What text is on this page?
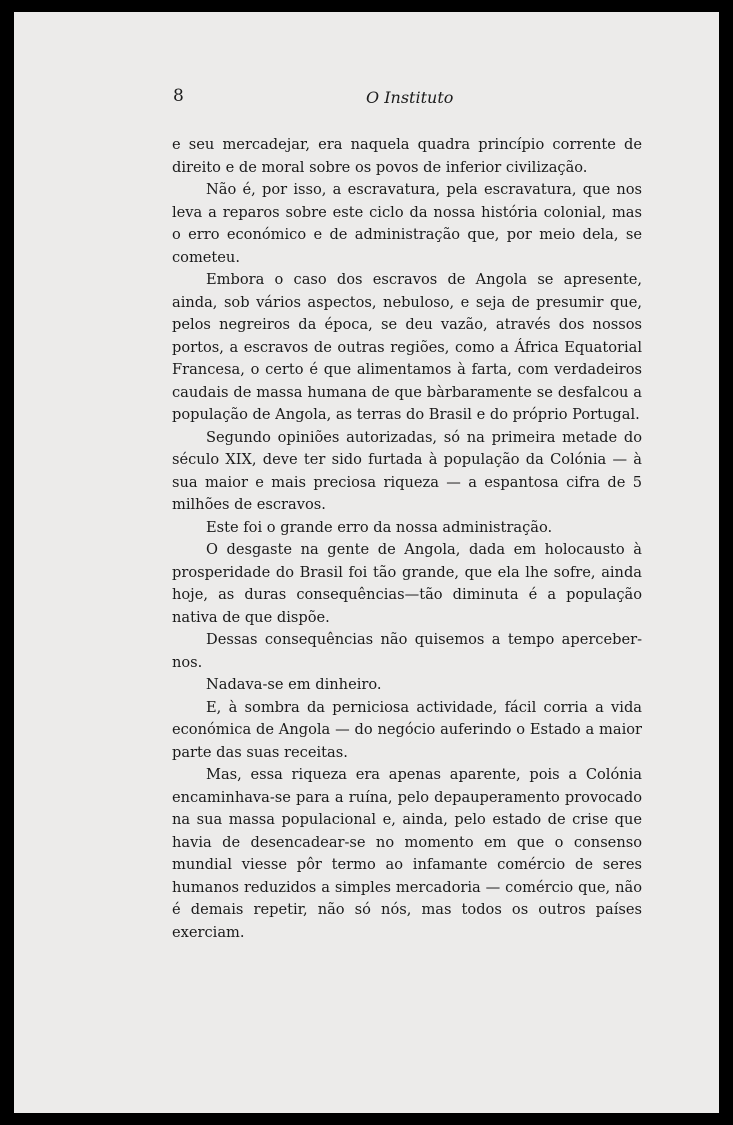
8	O Instituto

e seu mercadejar, era naquela quadra princípio corrente de direito e de moral sobre os povos de inferior civilização.

Não é, por isso, a escravatura, pela escravatura, que nos leva a reparos sobre este ciclo da nossa história colonial, mas o erro económico e de administração que, por meio dela, se cometeu.

Embora o caso dos escravos de Angola se apresente, ainda, sob vários aspectos, nebuloso, e seja de presumir que, pelos negreiros da época, se deu vazão, através dos nossos portos, a escravos de outras regiões, como a África Equatorial Francesa, o certo é que alimentamos à farta, com verdadeiros caudais de massa humana de que bàrbaramente se desfalcou a população de Angola, as terras do Brasil e do próprio Portugal.

Segundo opiniões autorizadas, só na primeira metade do século XIX, deve ter sido furtada à população da Colónia — à sua maior e mais preciosa riqueza — a espantosa cifra de 5 milhões de escravos.

Este foi o grande erro da nossa administração.

O desgaste na gente de Angola, dada em holocausto à prosperidade do Brasil foi tão grande, que ela lhe sofre, ainda hoje, as duras consequências—tão diminuta é a população nativa de que dispõe.

Dessas consequências não quisemos a tempo aperceber-nos.

Nadava-se em dinheiro.

E, à sombra da perniciosa actividade, fácil corria a vida económica de Angola — do negócio auferindo o Estado a maior parte das suas receitas.

Mas, essa riqueza era apenas aparente, pois a Colónia encaminhava-se para a ruína, pelo depauperamento provocado na sua massa populacional e, ainda, pelo estado de crise que havia de desencadear-se no momento em que o consenso mundial viesse pôr termo ao infamante comércio de seres humanos reduzidos a simples mercadoria — comércio que, não é demais repetir, não só nós, mas todos os outros países exerciam.
